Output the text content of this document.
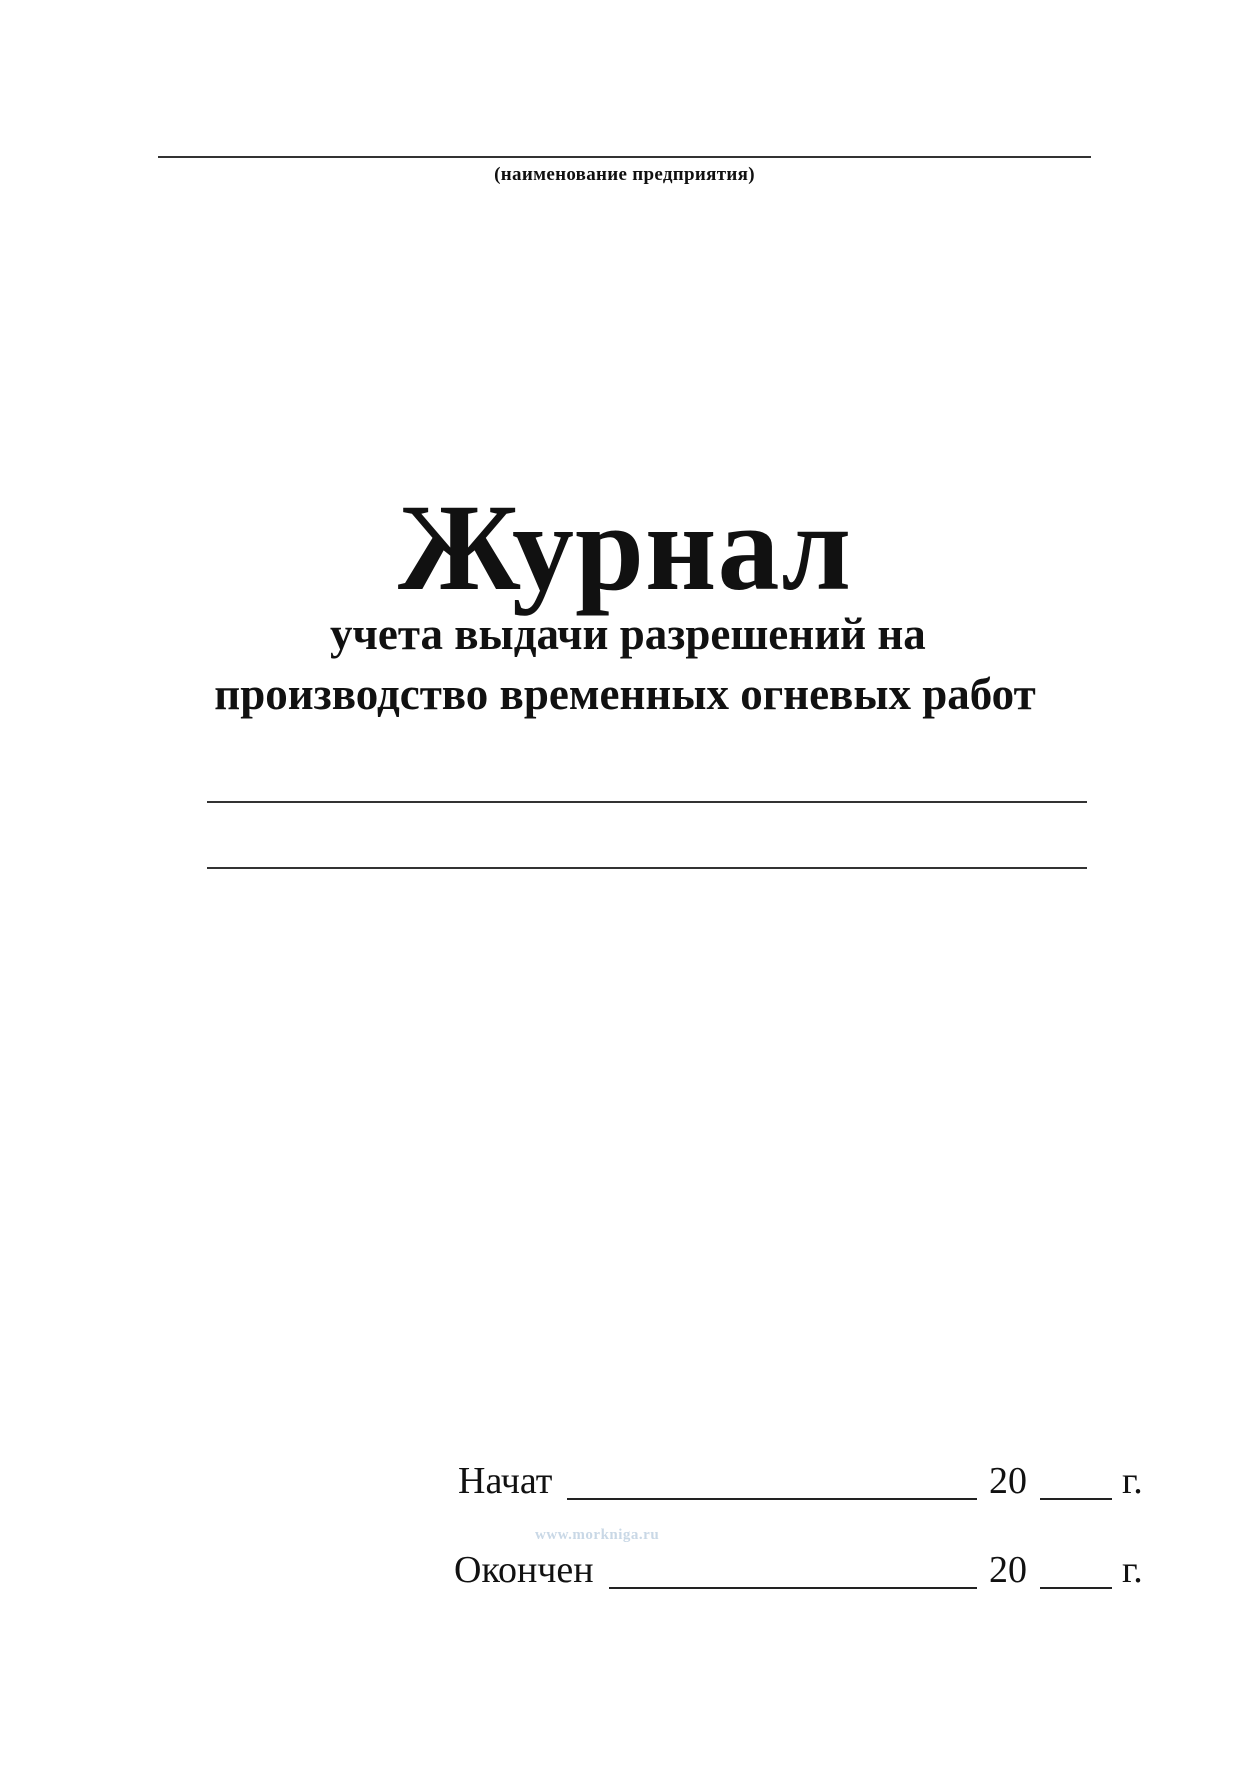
(наименование предприятия)
Журнал
учета выдачи разрешений на
производство временных огневых работ
Начат	20	г.
www.morkniga.ru
Окончен	20	г.
